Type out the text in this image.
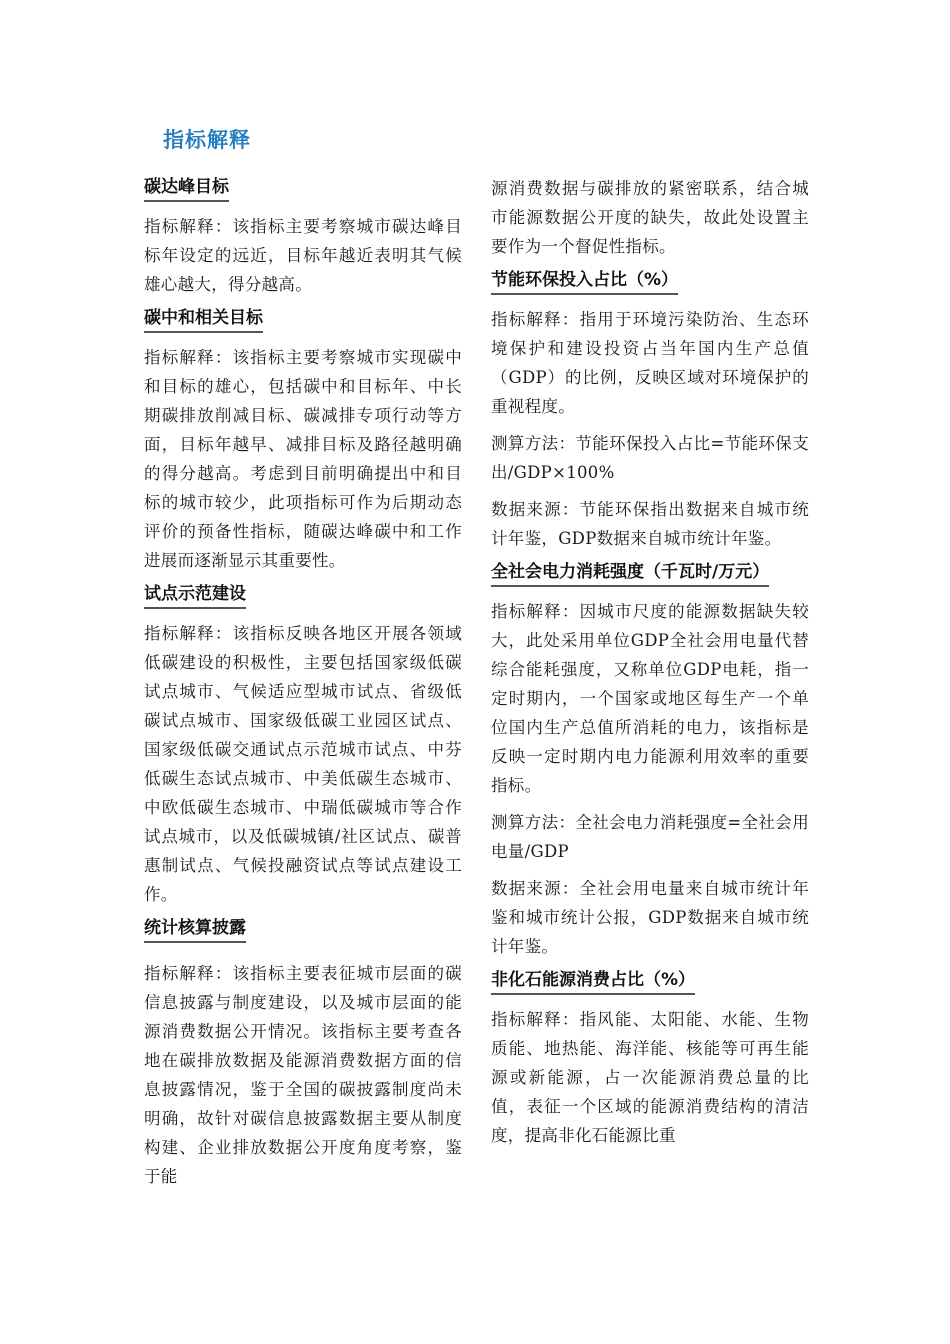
指标解释
碳达峰目标

指标解释：该指标主要考察城市碳达峰目标年设定的远近，目标年越近表明其气候雄心越大，得分越高。

碳中和相关目标

指标解释：该指标主要考察城市实现碳中和目标的雄心，包括碳中和目标年、中长期碳排放削减目标、碳减排专项行动等方面，目标年越早、减排目标及路径越明确的得分越高。考虑到目前明确提出中和目标的城市较少，此项指标可作为后期动态评价的预备性指标，随碳达峰碳中和工作进展而逐渐显示其重要性。

试点示范建设

指标解释：该指标反映各地区开展各领域低碳建设的积极性，主要包括国家级低碳试点城市、气候适应型城市试点、省级低碳试点城市、国家级低碳工业园区试点、国家级低碳交通试点示范城市试点、中芬低碳生态试点城市、中美低碳生态城市、中欧低碳生态城市、中瑞低碳城市等合作试点城市，以及低碳城镇/社区试点、碳普惠制试点、气候投融资试点等试点建设工作。

统计核算披露

指标解释：该指标主要表征城市层面的碳信息披露与制度建设，以及城市层面的能源消费数据公开情况。该指标主要考查各地在碳排放数据及能源消费数据方面的信息披露情况，鉴于全国的碳披露制度尚未明确，故针对碳信息披露数据主要从制度构建、企业排放数据公开度角度考察，鉴于能

源消费数据与碳排放的紧密联系，结合城市能源数据公开度的缺失，故此处设置主要作为一个督促性指标。

节能环保投入占比（%）

指标解释：指用于环境污染防治、生态环境保护和建设投资占当年国内生产总值（GDP）的比例，反映区域对环境保护的重视程度。

测算方法：节能环保投入占比=节能环保支出/GDP×100%

数据来源：节能环保指出数据来自城市统计年鉴，GDP数据来自城市统计年鉴。

全社会电力消耗强度（千瓦时/万元）

指标解释：因城市尺度的能源数据缺失较大，此处采用单位GDP全社会用电量代替综合能耗强度，又称单位GDP电耗，指一定时期内，一个国家或地区每生产一个单位国内生产总值所消耗的电力，该指标是反映一定时期内电力能源利用效率的重要指标。

测算方法：全社会电力消耗强度=全社会用电量/GDP

数据来源：全社会用电量来自城市统计年鉴和城市统计公报，GDP数据来自城市统计年鉴。

非化石能源消费占比（%）

指标解释：指风能、太阳能、水能、生物质能、地热能、海洋能、核能等可再生能源或新能源，占一次能源消费总量的比值，表征一个区域的能源消费结构的清洁度，提高非化石能源比重
